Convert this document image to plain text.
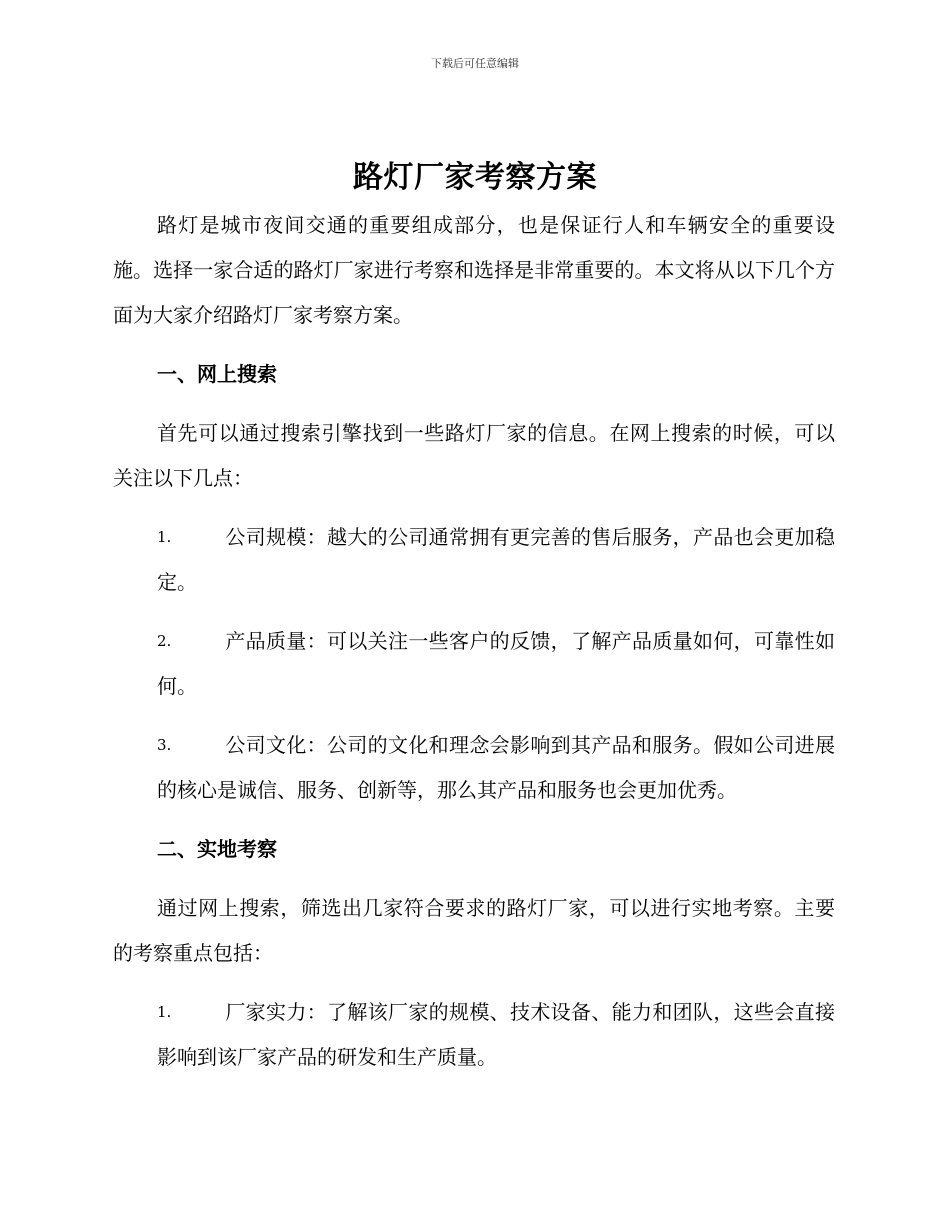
下载后可任意编辑
路灯厂家考察方案

路灯是城市夜间交通的重要组成部分，也是保证行人和车辆安全的重要设施。选择一家合适的路灯厂家进行考察和选择是非常重要的。本文将从以下几个方面为大家介绍路灯厂家考察方案。

一、网上搜索

首先可以通过搜索引擎找到一些路灯厂家的信息。在网上搜索的时候，可以关注以下几点：

1.	公司规模：越大的公司通常拥有更完善的售后服务，产品也会更加稳定。

2.	产品质量：可以关注一些客户的反馈，了解产品质量如何，可靠性如何。

3.	公司文化：公司的文化和理念会影响到其产品和服务。假如公司进展的核心是诚信、服务、创新等，那么其产品和服务也会更加优秀。

二、实地考察

通过网上搜索，筛选出几家符合要求的路灯厂家，可以进行实地考察。主要的考察重点包括：

1.	厂家实力：了解该厂家的规模、技术设备、能力和团队，这些会直接影响到该厂家产品的研发和生产质量。
